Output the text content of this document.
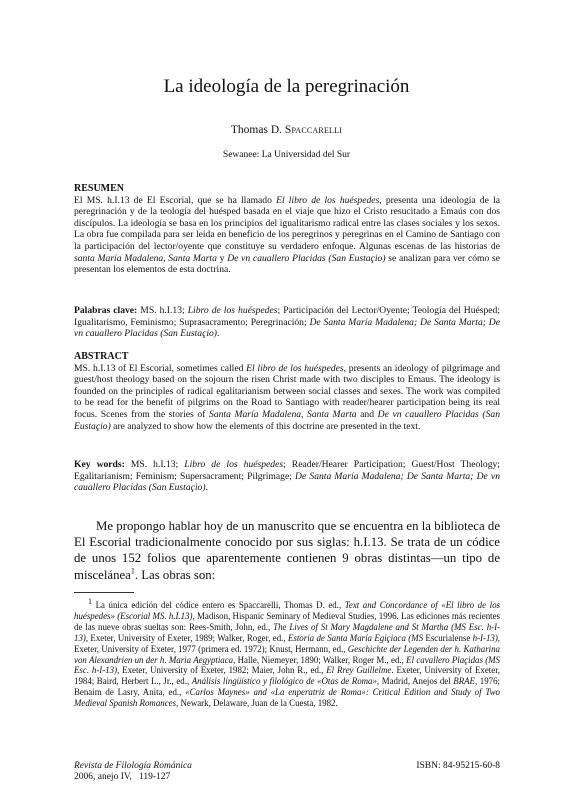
La ideología de la peregrinación
Thomas D. Spaccarelli
Sewanee: La Universidad del Sur
RESUMEN
El MS. h.I.13 de El Escorial, que se ha llamado El libro de los huéspedes, presenta una ideología de la peregrinación y de la teología del huésped basada en el viaje que hizo el Cristo resucitado a Emaús con dos discípulos. La ideología se basa en los principios del igualitarismo radical entre las clases sociales y los sexos. La obra fue compilada para ser leída en beneficio de los peregrinos y peregrinas en el Camino de Santiago con la participación del lector/oyente que constituye su verdadero enfoque. Algunas escenas de las historias de santa María Madalena, Santa Marta y De vn cauallero Placidas (San Eustaçio) se analizan para ver cómo se presentan los elementos de esta doctrina.
Palabras clave: MS. h.I.13; Libro de los huéspedes; Participación del Lector/Oyente; Teología del Huésped; Igualitarismo, Feminismo; Suprasacramento; Peregrinación; De Santa María Madalena; De Santa Marta; De vn cauallero Placidas (San Eustaçio).
ABSTRACT
MS. h.I.13 of El Escorial, sometimes called El libro de los huéspedes, presents an ideology of pilgrimage and guest/host theology based on the sojourn the risen Christ made with two disciples to Emaus. The ideology is founded on the principles of radical egalitarianism between social classes and sexes. The work was compiled to be read for the benefit of pilgrims on the Road to Santiago with reader/hearer participation being its real focus. Scenes from the stories of Santa María Madalena, Santa Marta and De vn cauallero Placidas (San Eustaçio) are analyzed to show how the elements of this doctrine are presented in the text.
Key words: MS. h.I.13; Libro de los huéspedes; Reader/Hearer Participation; Guest/Host Theology; Egalitarianism; Feminism; Supersacrament; Pilgrimage; De Santa María Madalena; De Santa Marta; De vn cauallero Placidas (San Eustaçio).
Me propongo hablar hoy de un manuscrito que se encuentra en la biblioteca de El Escorial tradicionalmente conocido por sus siglas: h.I.13. Se trata de un códice de unos 152 folios que aparentemente contienen 9 obras distintas—un tipo de miscelánea$^1$. Las obras son:
$^1$ La única edición del códice entero es Spaccarelli, Thomas D. ed., Text and Concordance of «El libro de los huéspedes» (Escorial MS. h.I.13), Madison, Hispanic Seminary of Medieval Studies, 1996. Las ediciones más recientes de las nueve obras sueltas son: Rees-Smith, John, ed., The Lives of St Mary Magdalene and St Martha (MS Esc. h-I-13), Exeter, University of Exeter, 1989; Walker, Roger, ed., Estoria de Santa María Egiçiaca (MS Escurialense h-I-13), Exeter, University of Exeter, 1977 (primera ed. 1972); Knust, Hermann, ed., Geschichte der Legenden der h. Katharina von Alexandrien un der h. Maria Aegyptiaca, Halle, Niemeyer, 1890; Walker, Roger M., ed., El cavallero Plaçidas (MS Esc. h-I-13), Exeter, University of Exeter, 1982; Maier, John R., ed., El Rrey Guillelme. Exeter, University of Exeter, 1984; Baird, Herbert L., Jr., ed., Análisis lingüístico y filológico de «Otas de Roma», Madrid, Anejos del BRAE, 1976; Benaim de Lasry, Anita, ed., «Carlos Maynes» and «La enperatriz de Roma»: Critical Edition and Study of Two Medieval Spanish Romances, Newark, Delaware, Juan de la Cuesta, 1982.
Revista de Filología Románica
2006, anejo IV,   119-127
ISBN: 84-95215-60-8
